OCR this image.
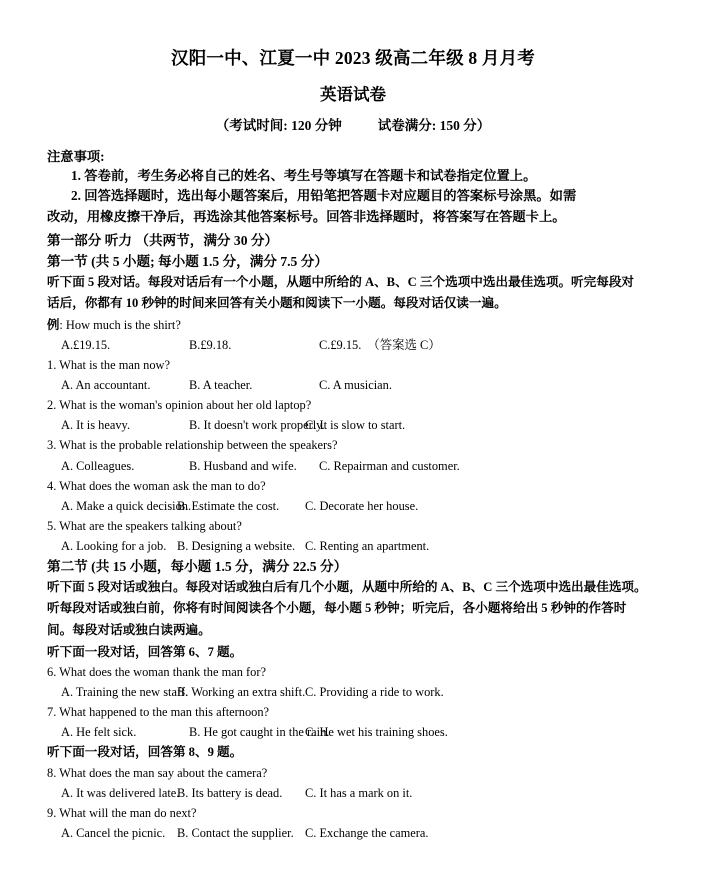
汉阳一中、江夏一中 2023 级高二年级 8 月月考
英语试卷
（考试时间: 120 分钟	试卷满分: 150 分）
注意事项:
1. 答卷前，考生务必将自己的姓名、考生号等填写在答题卡和试卷指定位置上。
2. 回答选择题时，选出每小题答案后，用铅笔把答题卡对应题目的答案标号涂黑。如需
改动，用橡皮擦干净后，再选涂其他答案标号。回答非选择题时，将答案写在答题卡上。
第一部分 听力 （共两节，满分 30 分）
第一节 (共 5 小题; 每小题 1.5 分，满分 7.5 分）
听下面 5 段对话。每段对话后有一个小题，从题中所给的 A、B、C 三个选项中选出最佳选项。听完每段对
话后，你都有 10 秒钟的时间来回答有关小题和阅读下一小题。每段对话仅读一遍。
例: How much is the shirt?
A.£19.15.	B.£9.18.	C.£9.15. （答案选 C）
1. What is the man now?
A. An accountant.	B. A teacher.	C. A musician.
2. What is the woman's opinion about her old laptop?
A. It is heavy.	B. It doesn't work properly.
C. It is slow to start.
3. What is the probable relationship between the speakers?
A. Colleagues.	B. Husband and wife. C. Repairman and customer.
4. What does the woman ask the man to do?
A. Make a quick decision.
B. Estimate the cost. C. Decorate her house.
5. What are the speakers talking about?
A. Looking for a job. B. Designing a website. C. Renting an apartment.
第二节 (共 15 小题，每小题 1.5 分，满分 22.5 分）
听下面 5 段对话或独白。每段对话或独白后有几个小题，从题中所给的 A、B、C 三个选项中选出最佳选项。
听每段对话或独白前，你将有时间阅读各个小题，每小题 5 秒钟；听完后，各小题将给出 5 秒钟的作答时
间。每段对话或独白读两遍。
听下面一段对话，回答第 6、7 题。
6. What does the woman thank the man for?
A. Training the new staff.
B. Working an extra shift. C. Providing a ride to work.
7. What happened to the man this afternoon?
A. He felt sick.	B. He got caught in the rain.
C. He wet his training shoes.
听下面一段对话，回答第 8、9 题。
8. What does the man say about the camera?
A. It was delivered late.
B. Its battery is dead. C. It has a mark on it.
9. What will the man do next?
A. Cancel the picnic. B. Contact the supplier. C. Exchange the camera.
